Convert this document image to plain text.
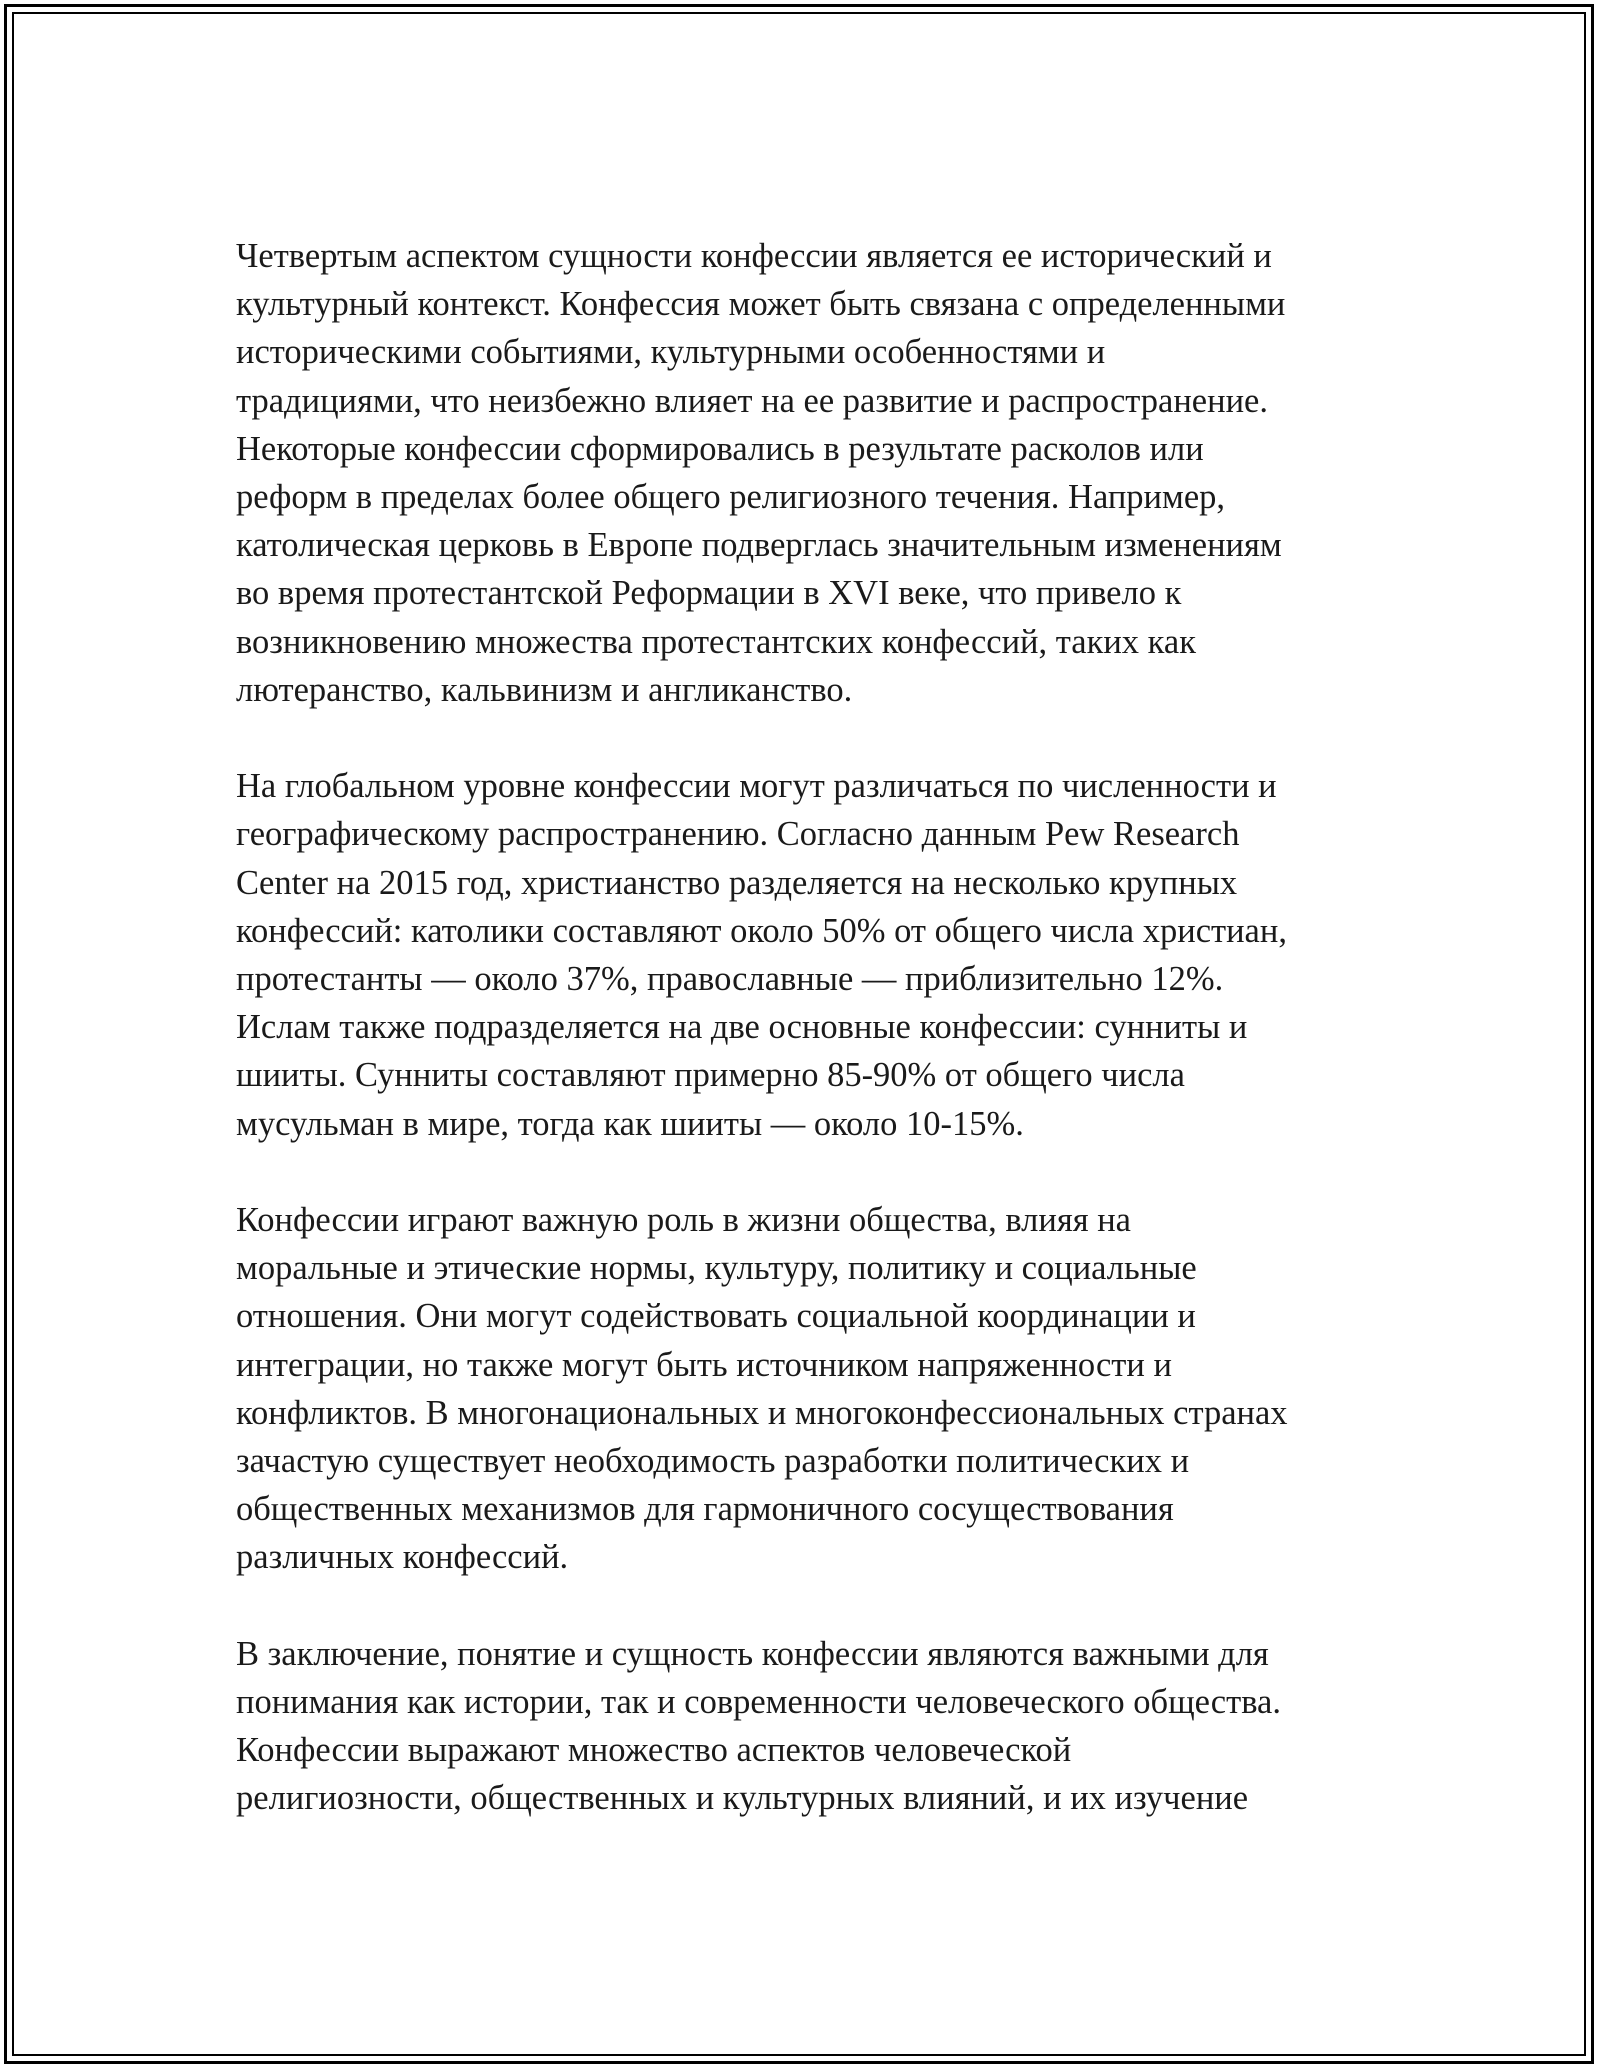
Четвертым аспектом сущности конфессии является ее исторический и
культурный контекст. Конфессия может быть связана с определенными
историческими событиями, культурными особенностями и
традициями, что неизбежно влияет на ее развитие и распространение.
Некоторые конфессии сформировались в результате расколов или
реформ в пределах более общего религиозного течения. Например,
католическая церковь в Европе подверглась значительным изменениям
во время протестантской Реформации в XVI веке, что привело к
возникновению множества протестантских конфессий, таких как
лютеранство, кальвинизм и англиканство.

На глобальном уровне конфессии могут различаться по численности и
географическому распространению. Согласно данным Pew Research
Center на 2015 год, христианство разделяется на несколько крупных
конфессий: католики составляют около 50% от общего числа христиан,
протестанты — около 37%, православные — приблизительно 12%.
Ислам также подразделяется на две основные конфессии: сунниты и
шииты. Сунниты составляют примерно 85-90% от общего числа
мусульман в мире, тогда как шииты — около 10-15%.

Конфессии играют важную роль в жизни общества, влияя на
моральные и этические нормы, культуру, политику и социальные
отношения. Они могут содействовать социальной координации и
интеграции, но также могут быть источником напряженности и
конфликтов. В многонациональных и многоконфессиональных странах
зачастую существует необходимость разработки политических и
общественных механизмов для гармоничного сосуществования
различных конфессий.

В заключение, понятие и сущность конфессии являются важными для
понимания как истории, так и современности человеческого общества.
Конфессии выражают множество аспектов человеческой
религиозности, общественных и культурных влияний, и их изучение
